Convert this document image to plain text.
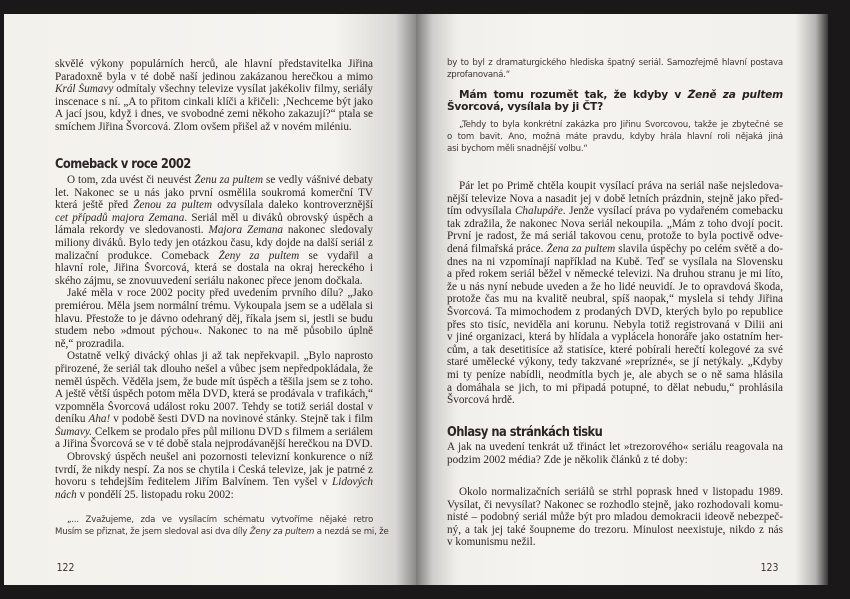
skvělé výkony populárních herců, ale hlavní představitelka Jiřina
Paradoxně byla v té době naší jedinou zakázanou herečkou a mimo
Král Šumavy odmítaly všechny televize vysílat jakékoliv filmy, seriály
inscenace s ní. „A to přitom cinkali klíči a křičeli: ‚Nechceme být jako
A jací jsou, když i dnes, ve svobodné zemi někoho zakazují?“ ptala se
smíchem Jiřina Švorcová. Zlom ovšem přišel až v novém miléniu.
Comeback v roce 2002
O tom, zda uvést či neuvést Ženu za pultem se vedly vášnivé debaty
let. Nakonec se u nás jako první osmělila soukromá komerční TV
která ještě před Ženou za pultem odvysílala daleko kontroverznější
cet případů majora Zemana. Seriál měl u diváků obrovský úspěch a
lámala rekordy ve sledovanosti. Majora Zemana nakonec sledovaly
miliony diváků. Bylo tedy jen otázkou času, kdy dojde na další seriál z
malizační produkce. Comeback Ženy za pultem se vydařil a
hlavní role, Jiřina Švorcová, která se dostala na okraj hereckého i
ského zájmu, se znovuuvedení seriálu nakonec přece jenom dočkala.
Jaké měla v roce 2002 pocity před uvedením prvního dílu? „Jako
premiérou. Měla jsem normální trému. Vykoupala jsem se a udělala si
hlavu. Přestože to je dávno odehraný děj, říkala jsem si, jestli se budu
studem nebo »dmout pýchou«. Nakonec to na mě působilo úplně
ně,“ prozradila.
Ostatně velký divácký ohlas ji až tak nepřekvapil. „Bylo naprosto
přirozené, že seriál tak dlouho nešel a vůbec jsem nepředpokládala, že
neměl úspěch. Věděla jsem, že bude mít úspěch a těšila jsem se z toho.
A ještě větší úspěch potom měla DVD, která se prodávala v trafikách,“
vzpomněla Švorcová událost roku 2007. Tehdy se totiž seriál dostal v
deníku Aha! v podobě šesti DVD na novinové stánky. Stejně tak i film
Šumavy. Celkem se prodalo přes půl milionu DVD s filmem a seriálem
a Jiřina Švorcová se v té době stala nejprodávanější herečkou na DVD.
Obrovský úspěch neušel ani pozornosti televizní konkurence o níž
tvrdí, že nikdy nespí. Za nos se chytila i Česká televize, jak je patrné z
hovoru s tehdejším ředitelem Jiřím Balvínem. Ten vyšel v Lidových
nách v pondělí 25. listopadu roku 2002:
„... Zvažujeme, zda ve vysílacím schématu vytvoříme nějaké retro
Musím se přiznat, že jsem sledoval asi dva díly Ženy za pultem a nezdá se mi, že
122
by to byl z dramaturgického hlediska špatný seriál. Samozřejmě hlavní postava
zprofanovaná.“
Mám tomu rozumět tak, že kdyby v Ženě za pultem
Švorcová, vysílala by ji ČT?
„Tehdy to byla konkrétní zakázka pro Jiřinu Švorcovou, takže je zbytečné se
o tom bavit. Ano, možná máte pravdu, kdyby hrála hlavní roli nějaká jiná
asi bychom měli snadnější volbu.“
Pár let po Primě chtěla koupit vysílací práva na seriál naše nejsledova-
nější televize Nova a nasadit jej v době letních prázdnin, stejně jako před-
tím odvysílala Chalupáře. Jenže vysílací práva po vydařeném comebacku
tak zdražila, že nakonec Nova seriál nekoupila. „Mám z toho dvojí pocit.
První je radost, že má seriál takovou cenu, protože to byla poctivě odve-
dená filmařská práce. Žena za pultem slavila úspěchy po celém světě a do-
dnes na ni vzpomínají například na Kubě. Teď se vysílala na Slovensku
a před rokem seriál běžel v německé televizi. Na druhou stranu je mi líto,
že u nás nyní nebude uveden a že ho lidé neuvidí. Je to opravdová škoda,
protože čas mu na kvalitě neubral, spíš naopak,“ myslela si tehdy Jiřina
Švorcová. Ta mimochodem z prodaných DVD, kterých bylo po republice
přes sto tisíc, neviděla ani korunu. Nebyla totiž registrovaná v Dilii ani
v jiné organizaci, která by hlídala a vyplácela honoráře jako ostatním her-
cům, a tak desetitisíce až statisíce, které pobírali herečtí kolegové za své
staré umělecké výkony, tedy takzvané »reprízné«, se jí netýkaly. „Kdyby
mi ty peníze nabídli, neodmítla bych je, ale abych se o ně sama hlásila
a domáhala se jich, to mi připadá potupné, to dělat nebudu,“ prohlásila
Švorcová hrdě.
Ohlasy na stránkách tisku
A jak na uvedení tenkrát už třináct let »trezorového« seriálu reagovala na
podzim 2002 média? Zde je několik článků z té doby:
Okolo normalizačních seriálů se strhl poprask hned v listopadu 1989.
Vysílat, či nevysílat? Nakonec se rozhodlo stejně, jako rozhodovali komu-
nisté – podobný seriál může být pro mladou demokracii ideově nebezpeč-
ný, a tak jej také šoupneme do trezoru. Minulost neexistuje, nikdo z nás
v komunismu nežil.
123
